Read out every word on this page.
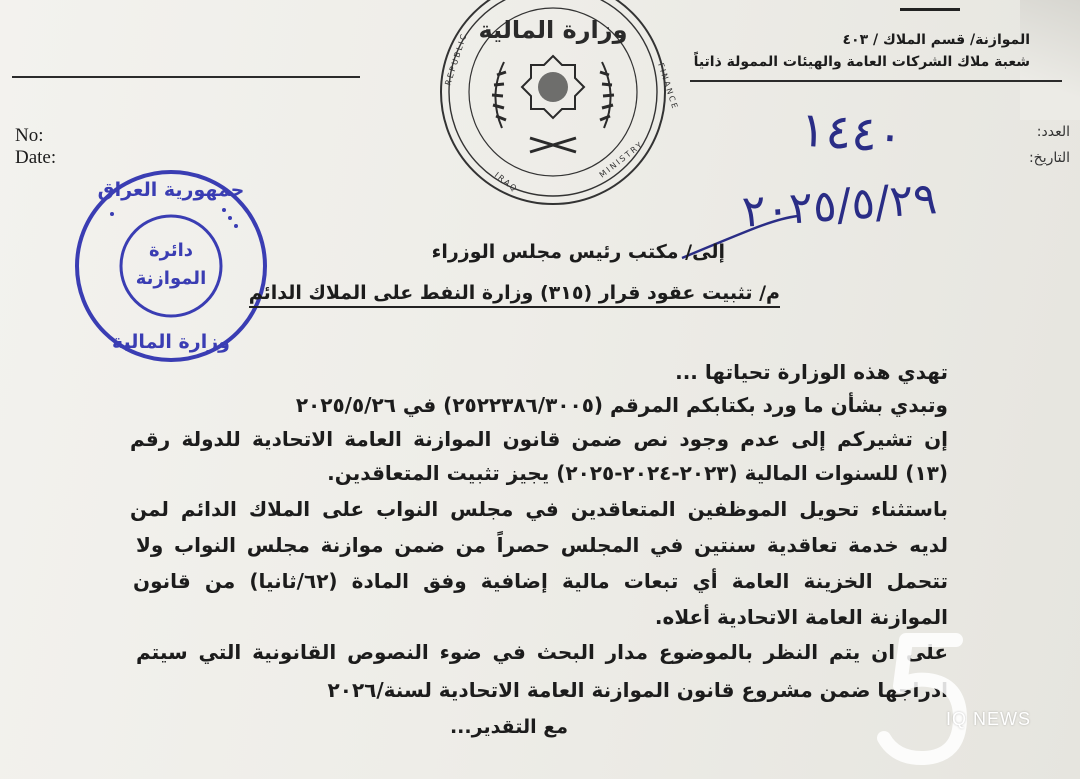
الموازنة/ قسم الملاك / ٤٠٣
شعبة ملاك الشركات العامة والهيئات الممولة ذاتياً
REPUBLIC
IRAQ
MINISTRY
FINANCE
وزارة المالية
No:
Date:
العدد:
التاريخ:
١٤٤٠
٢٠٢٥/٥/٢٩
جمهورية العراق
دائرة
الموازنة
وزارة المالية
إلى/ مكتب رئيس مجلس الوزراء
م/ تثبيت عقود قرار (٣١٥) وزارة النفط على الملاك الدائم
تهدي هذه الوزارة تحياتها ...
وتبدي بشأن ما ورد بكتابكم المرقم (٢٥٢٢٣٨٦/٣٠٠٥) في ٢٠٢٥/٥/٢٦
إن تشيركم إلى عدم وجود نص ضمن قانون الموازنة العامة الاتحادية للدولة رقم
(١٣) للسنوات المالية (٢٠٢٣-٢٠٢٤-٢٠٢٥) يجيز تثبيت المتعاقدين.
باستثناء تحويل الموظفين المتعاقدين في مجلس النواب على الملاك الدائم لمن
لديه خدمة تعاقدية سنتين في المجلس حصراً من ضمن موازنة مجلس النواب ولا
تتحمل الخزينة العامة أي تبعات مالية إضافية وفق المادة (٦٢/ثانيا) من قانون
الموازنة العامة الاتحادية أعلاه.
على ان يتم النظر بالموضوع مدار البحث في ضوء النصوص القانونية التي سيتم
ادراجها ضمن مشروع قانون الموازنة العامة الاتحادية لسنة/٢٠٢٦
مع التقدير...	IQ NEWS
